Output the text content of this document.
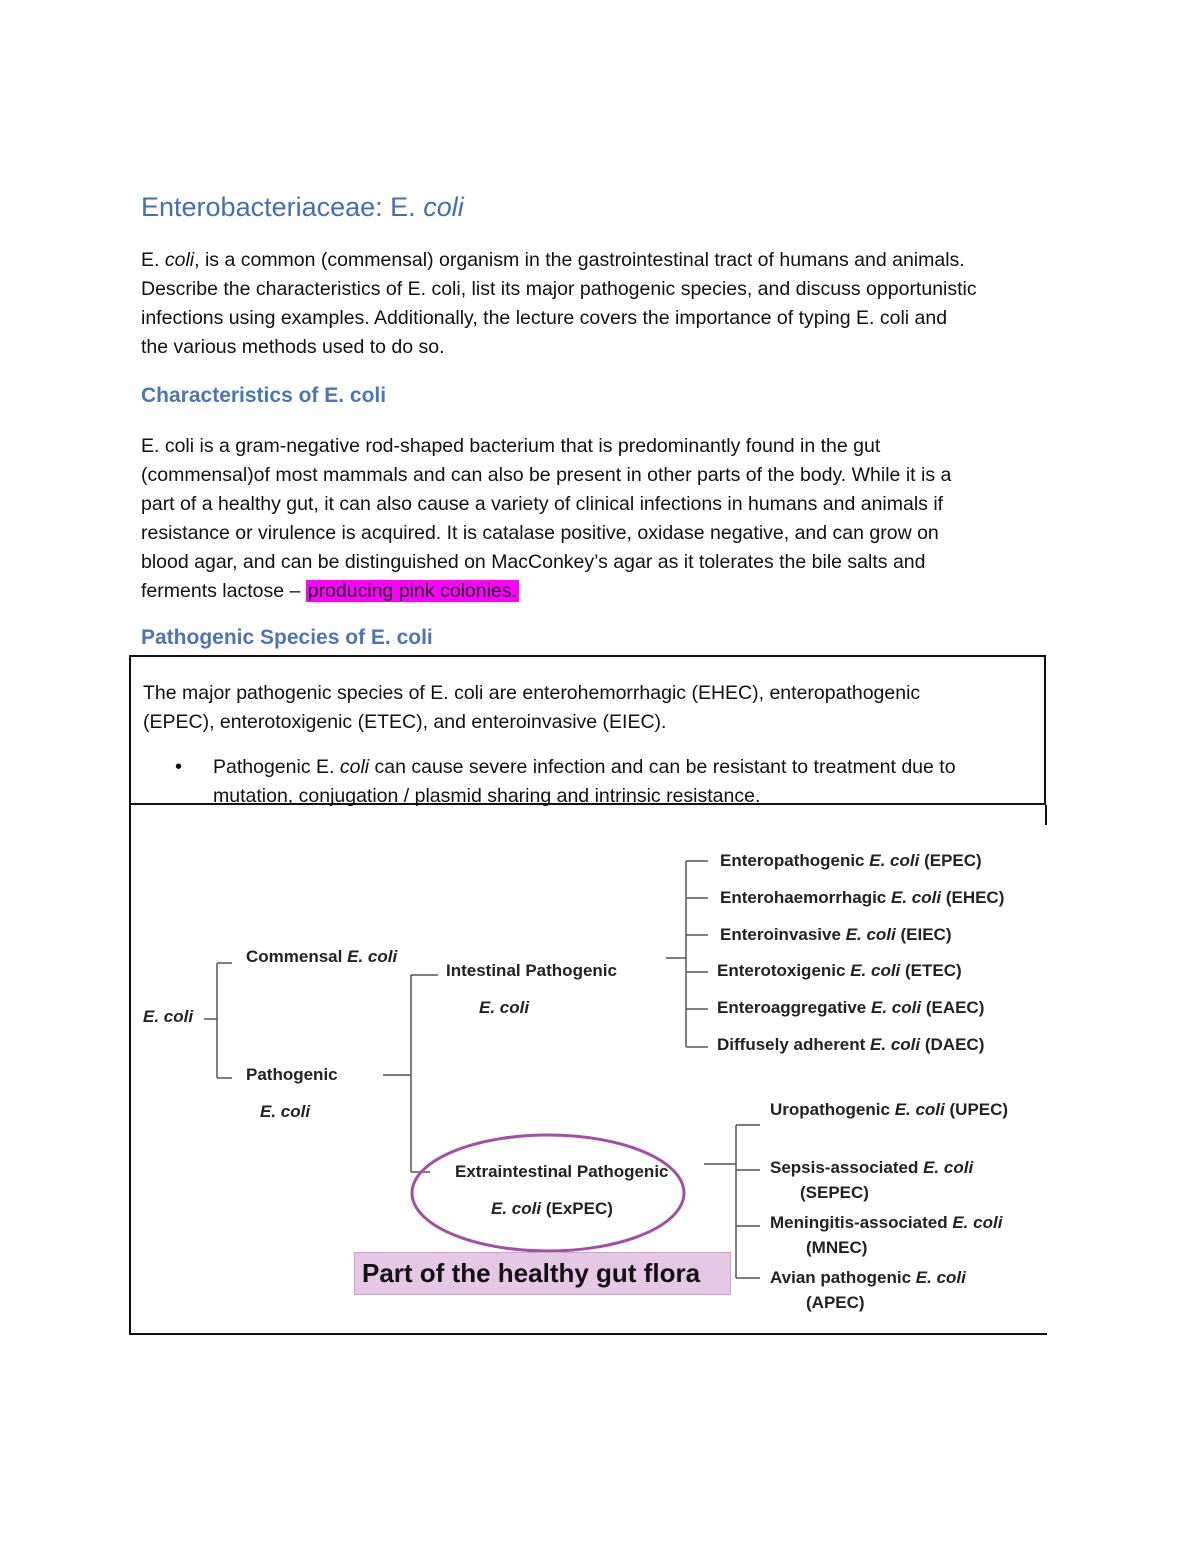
Enterobacteriaceae: E. coli
E. coli, is a common (commensal) organism in the gastrointestinal tract of humans and animals.
Describe the characteristics of E. coli, list its major pathogenic species, and discuss opportunistic
infections using examples. Additionally, the lecture covers the importance of typing E. coli and
the various methods used to do so.
Characteristics of E. coli
E. coli is a gram-negative rod-shaped bacterium that is predominantly found in the gut
(commensal)of most mammals and can also be present in other parts of the body. While it is a
part of a healthy gut, it can also cause a variety of clinical infections in humans and animals if
resistance or virulence is acquired. It is catalase positive, oxidase negative, and can grow on
blood agar, and can be distinguished on MacConkey’s agar as it tolerates the bile salts and
ferments lactose – producing pink colonies.
Pathogenic Species of E. coli
The major pathogenic species of E. coli are enterohemorrhagic (EHEC), enteropathogenic
(EPEC), enterotoxigenic (ETEC), and enteroinvasive (EIEC).
• Pathogenic E. coli can cause severe infection and can be resistant to treatment due to
mutation, conjugation / plasmid sharing and intrinsic resistance.
E. coli
Commensal E. coli
Pathogenic
E. coli
Intestinal Pathogenic
E. coli
Extraintestinal Pathogenic
E. coli (ExPEC)
Enteropathogenic E. coli (EPEC)
Enterohaemorrhagic E. coli (EHEC)
Enteroinvasive E. coli (EIEC)
Enterotoxigenic E. coli (ETEC)
Enteroaggregative E. coli (EAEC)
Diffusely adherent E. coli (DAEC)
Uropathogenic E. coli (UPEC)
Sepsis-associated E. coli
(SEPEC)
Meningitis-associated E. coli
(MNEC)
Avian pathogenic E. coli
(APEC)
Part of the healthy gut flora
